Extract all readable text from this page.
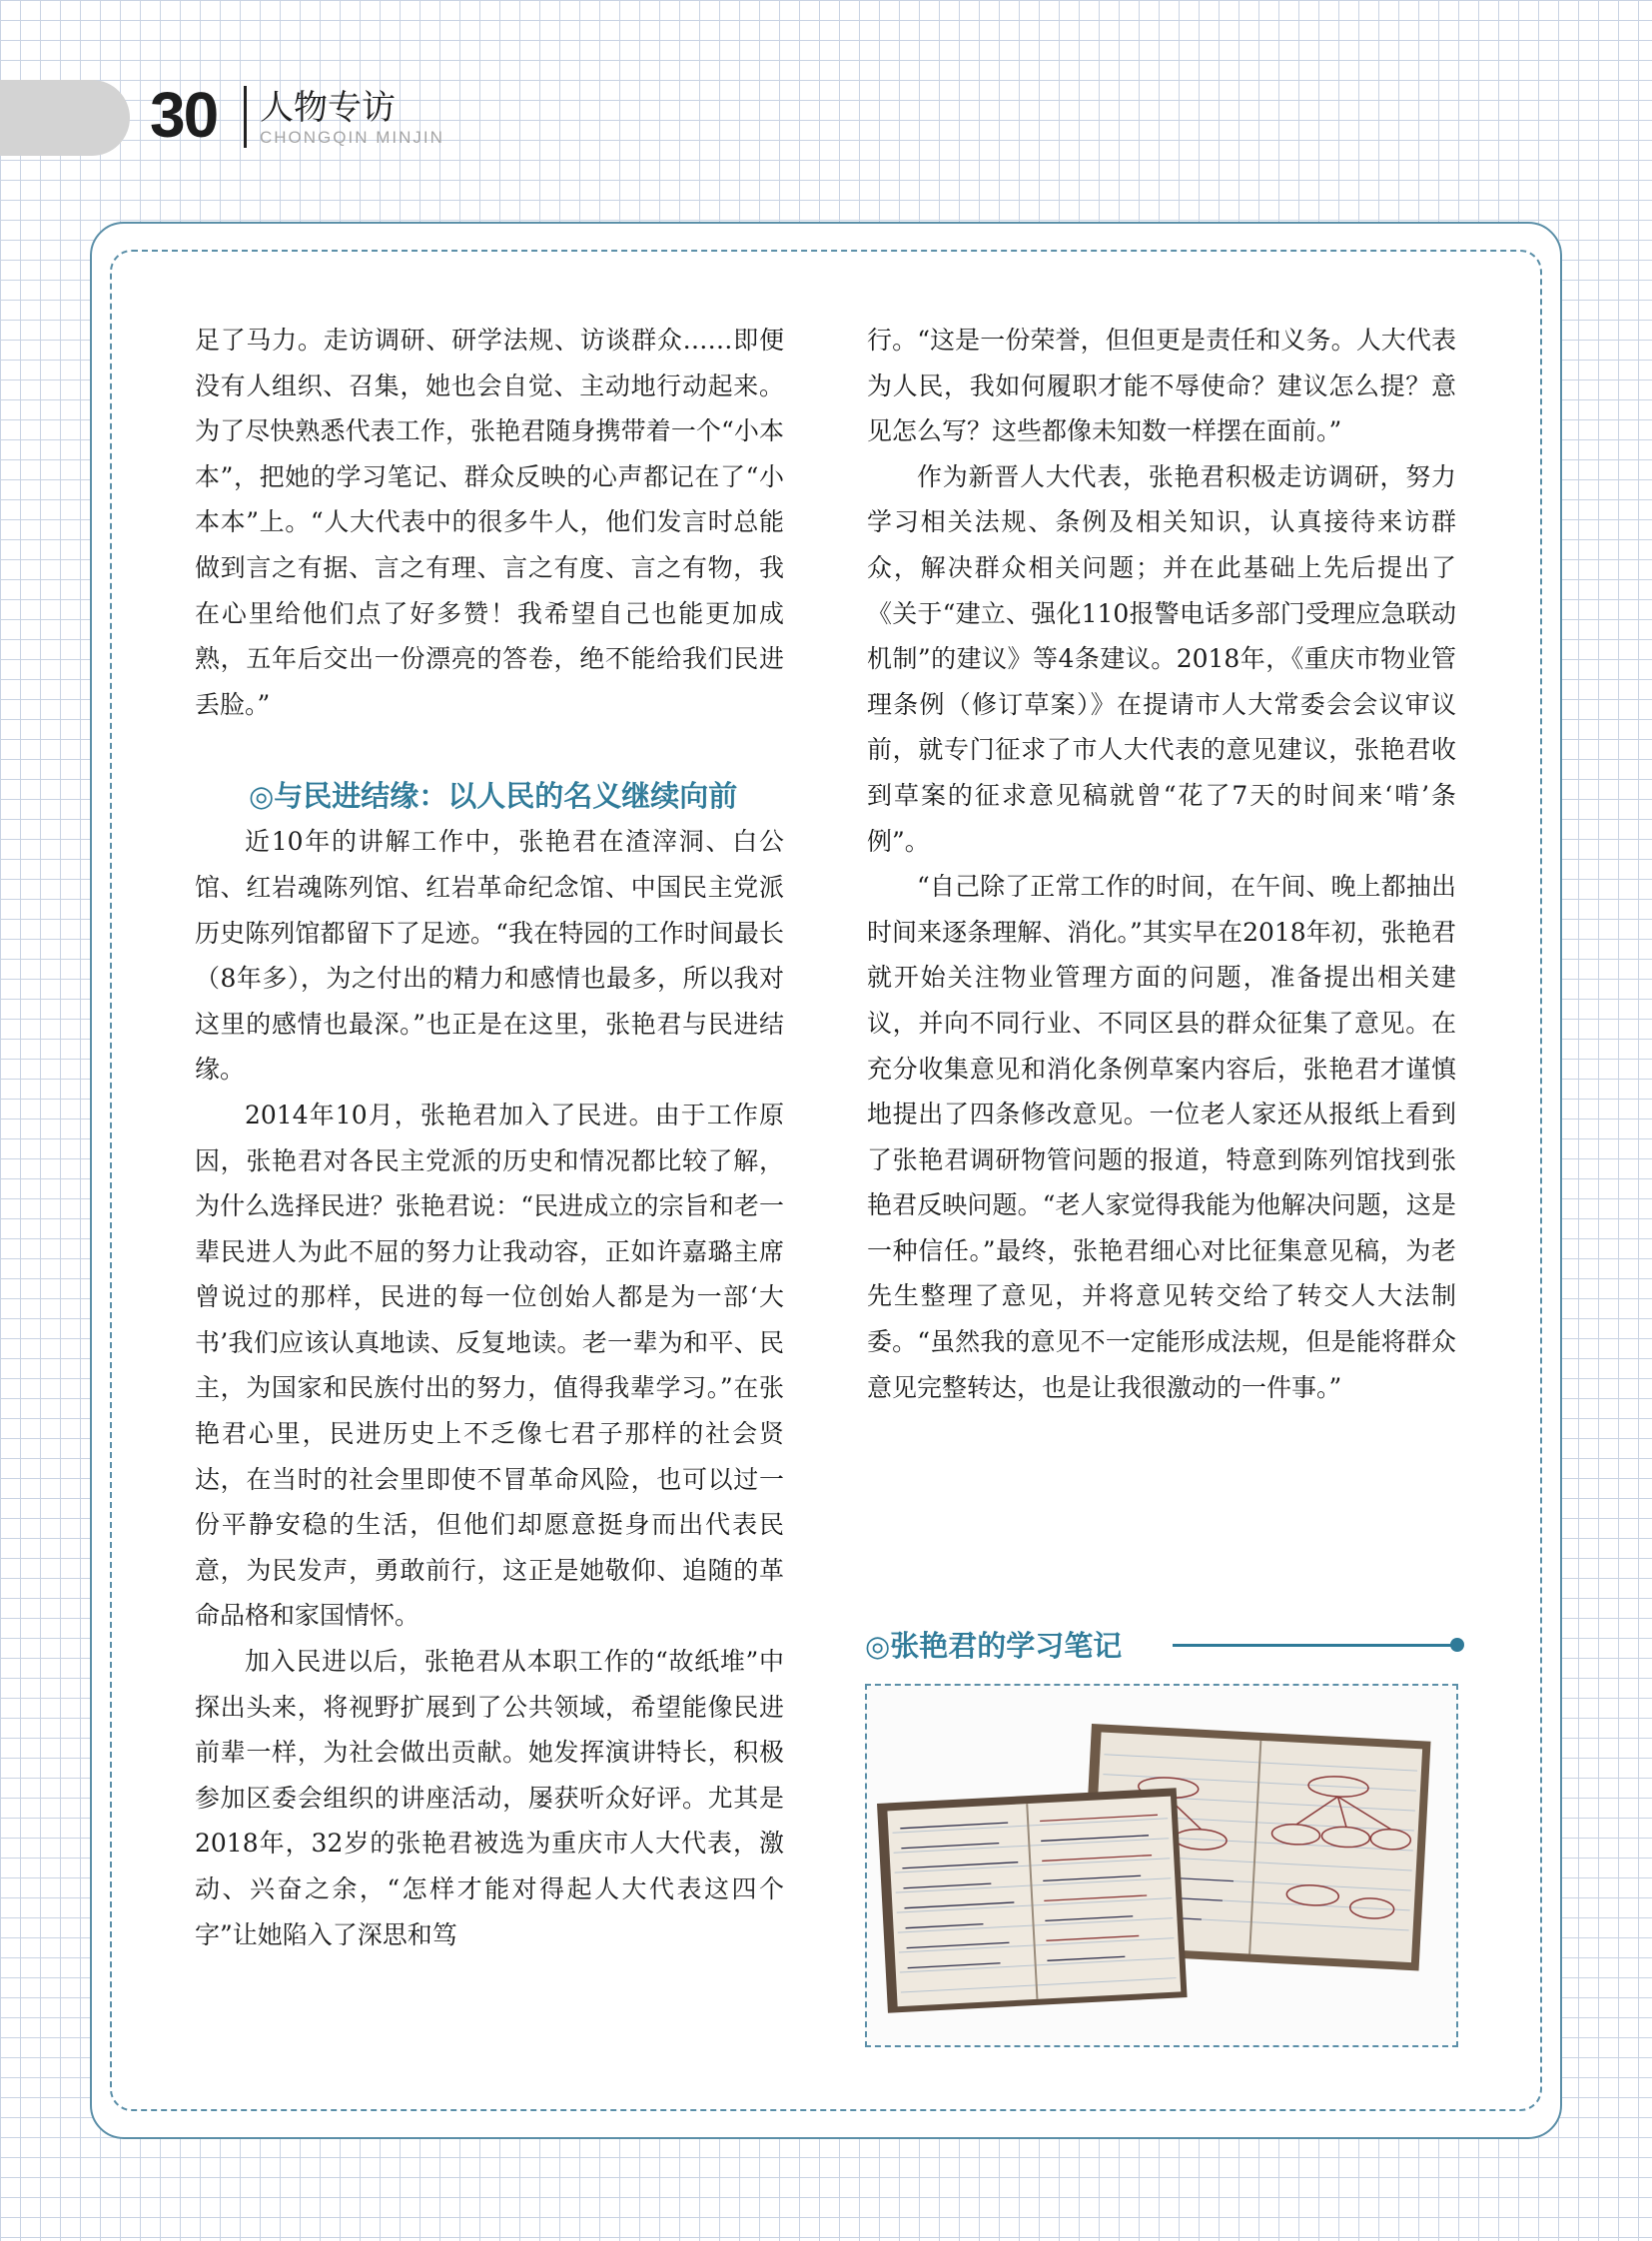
30 人物专访
CHONGQIN MINJIN

足了马力。走访调研、研学法规、访谈群众……即便没有人组织、召集，她也会自觉、主动地行动起来。为了尽快熟悉代表工作，张艳君随身携带着一个“小本本”，把她的学习笔记、群众反映的心声都记在了“小本本”上。“人大代表中的很多牛人，他们发言时总能做到言之有据、言之有理、言之有度、言之有物，我在心里给他们点了好多赞！我希望自己也能更加成熟，五年后交出一份漂亮的答卷，绝不能给我们民进丢脸。”

◎与民进结缘：以人民的名义继续向前

近10年的讲解工作中，张艳君在渣滓洞、白公馆、红岩魂陈列馆、红岩革命纪念馆、中国民主党派历史陈列馆都留下了足迹。“我在特园的工作时间最长（8年多），为之付出的精力和感情也最多，所以我对这里的感情也最深。”也正是在这里，张艳君与民进结缘。

2014年10月，张艳君加入了民进。由于工作原因，张艳君对各民主党派的历史和情况都比较了解，为什么选择民进？张艳君说：“民进成立的宗旨和老一辈民进人为此不屈的努力让我动容，正如许嘉璐主席曾说过的那样，民进的每一位创始人都是为一部‘大书’我们应该认真地读、反复地读。老一辈为和平、民主，为国家和民族付出的努力，值得我辈学习。”在张艳君心里，民进历史上不乏像七君子那样的社会贤达，在当时的社会里即使不冒革命风险，也可以过一份平静安稳的生活，但他们却愿意挺身而出代表民意，为民发声，勇敢前行，这正是她敬仰、追随的革命品格和家国情怀。

加入民进以后，张艳君从本职工作的“故纸堆”中探出头来，将视野扩展到了公共领域，希望能像民进前辈一样，为社会做出贡献。她发挥演讲特长，积极参加区委会组织的讲座活动，屡获听众好评。尤其是2018年，32岁的张艳君被选为重庆市人大代表，激动、兴奋之余，“怎样才能对得起人大代表这四个字”让她陷入了深思和笃

行。“这是一份荣誉，但但更是责任和义务。人大代表为人民，我如何履职才能不辱使命？建议怎么提？意见怎么写？这些都像未知数一样摆在面前。”

作为新晋人大代表，张艳君积极走访调研，努力学习相关法规、条例及相关知识，认真接待来访群众，解决群众相关问题；并在此基础上先后提出了《关于“建立、强化110报警电话多部门受理应急联动机制”的建议》等4条建议。2018年，《重庆市物业管理条例（修订草案）》在提请市人大常委会会议审议前，就专门征求了市人大代表的意见建议，张艳君收到草案的征求意见稿就曾“花了7天的时间来‘啃’条例”。

“自己除了正常工作的时间，在午间、晚上都抽出时间来逐条理解、消化。”其实早在2018年初，张艳君就开始关注物业管理方面的问题，准备提出相关建议，并向不同行业、不同区县的群众征集了意见。在充分收集意见和消化条例草案内容后，张艳君才谨慎地提出了四条修改意见。一位老人家还从报纸上看到了张艳君调研物管问题的报道，特意到陈列馆找到张艳君反映问题。“老人家觉得我能为他解决问题，这是一种信任。”最终，张艳君细心对比征集意见稿，为老先生整理了意见，并将意见转交给了转交人大法制委。“虽然我的意见不一定能形成法规，但是能将群众意见完整转达，也是让我很激动的一件事。”

◎张艳君的学习笔记
